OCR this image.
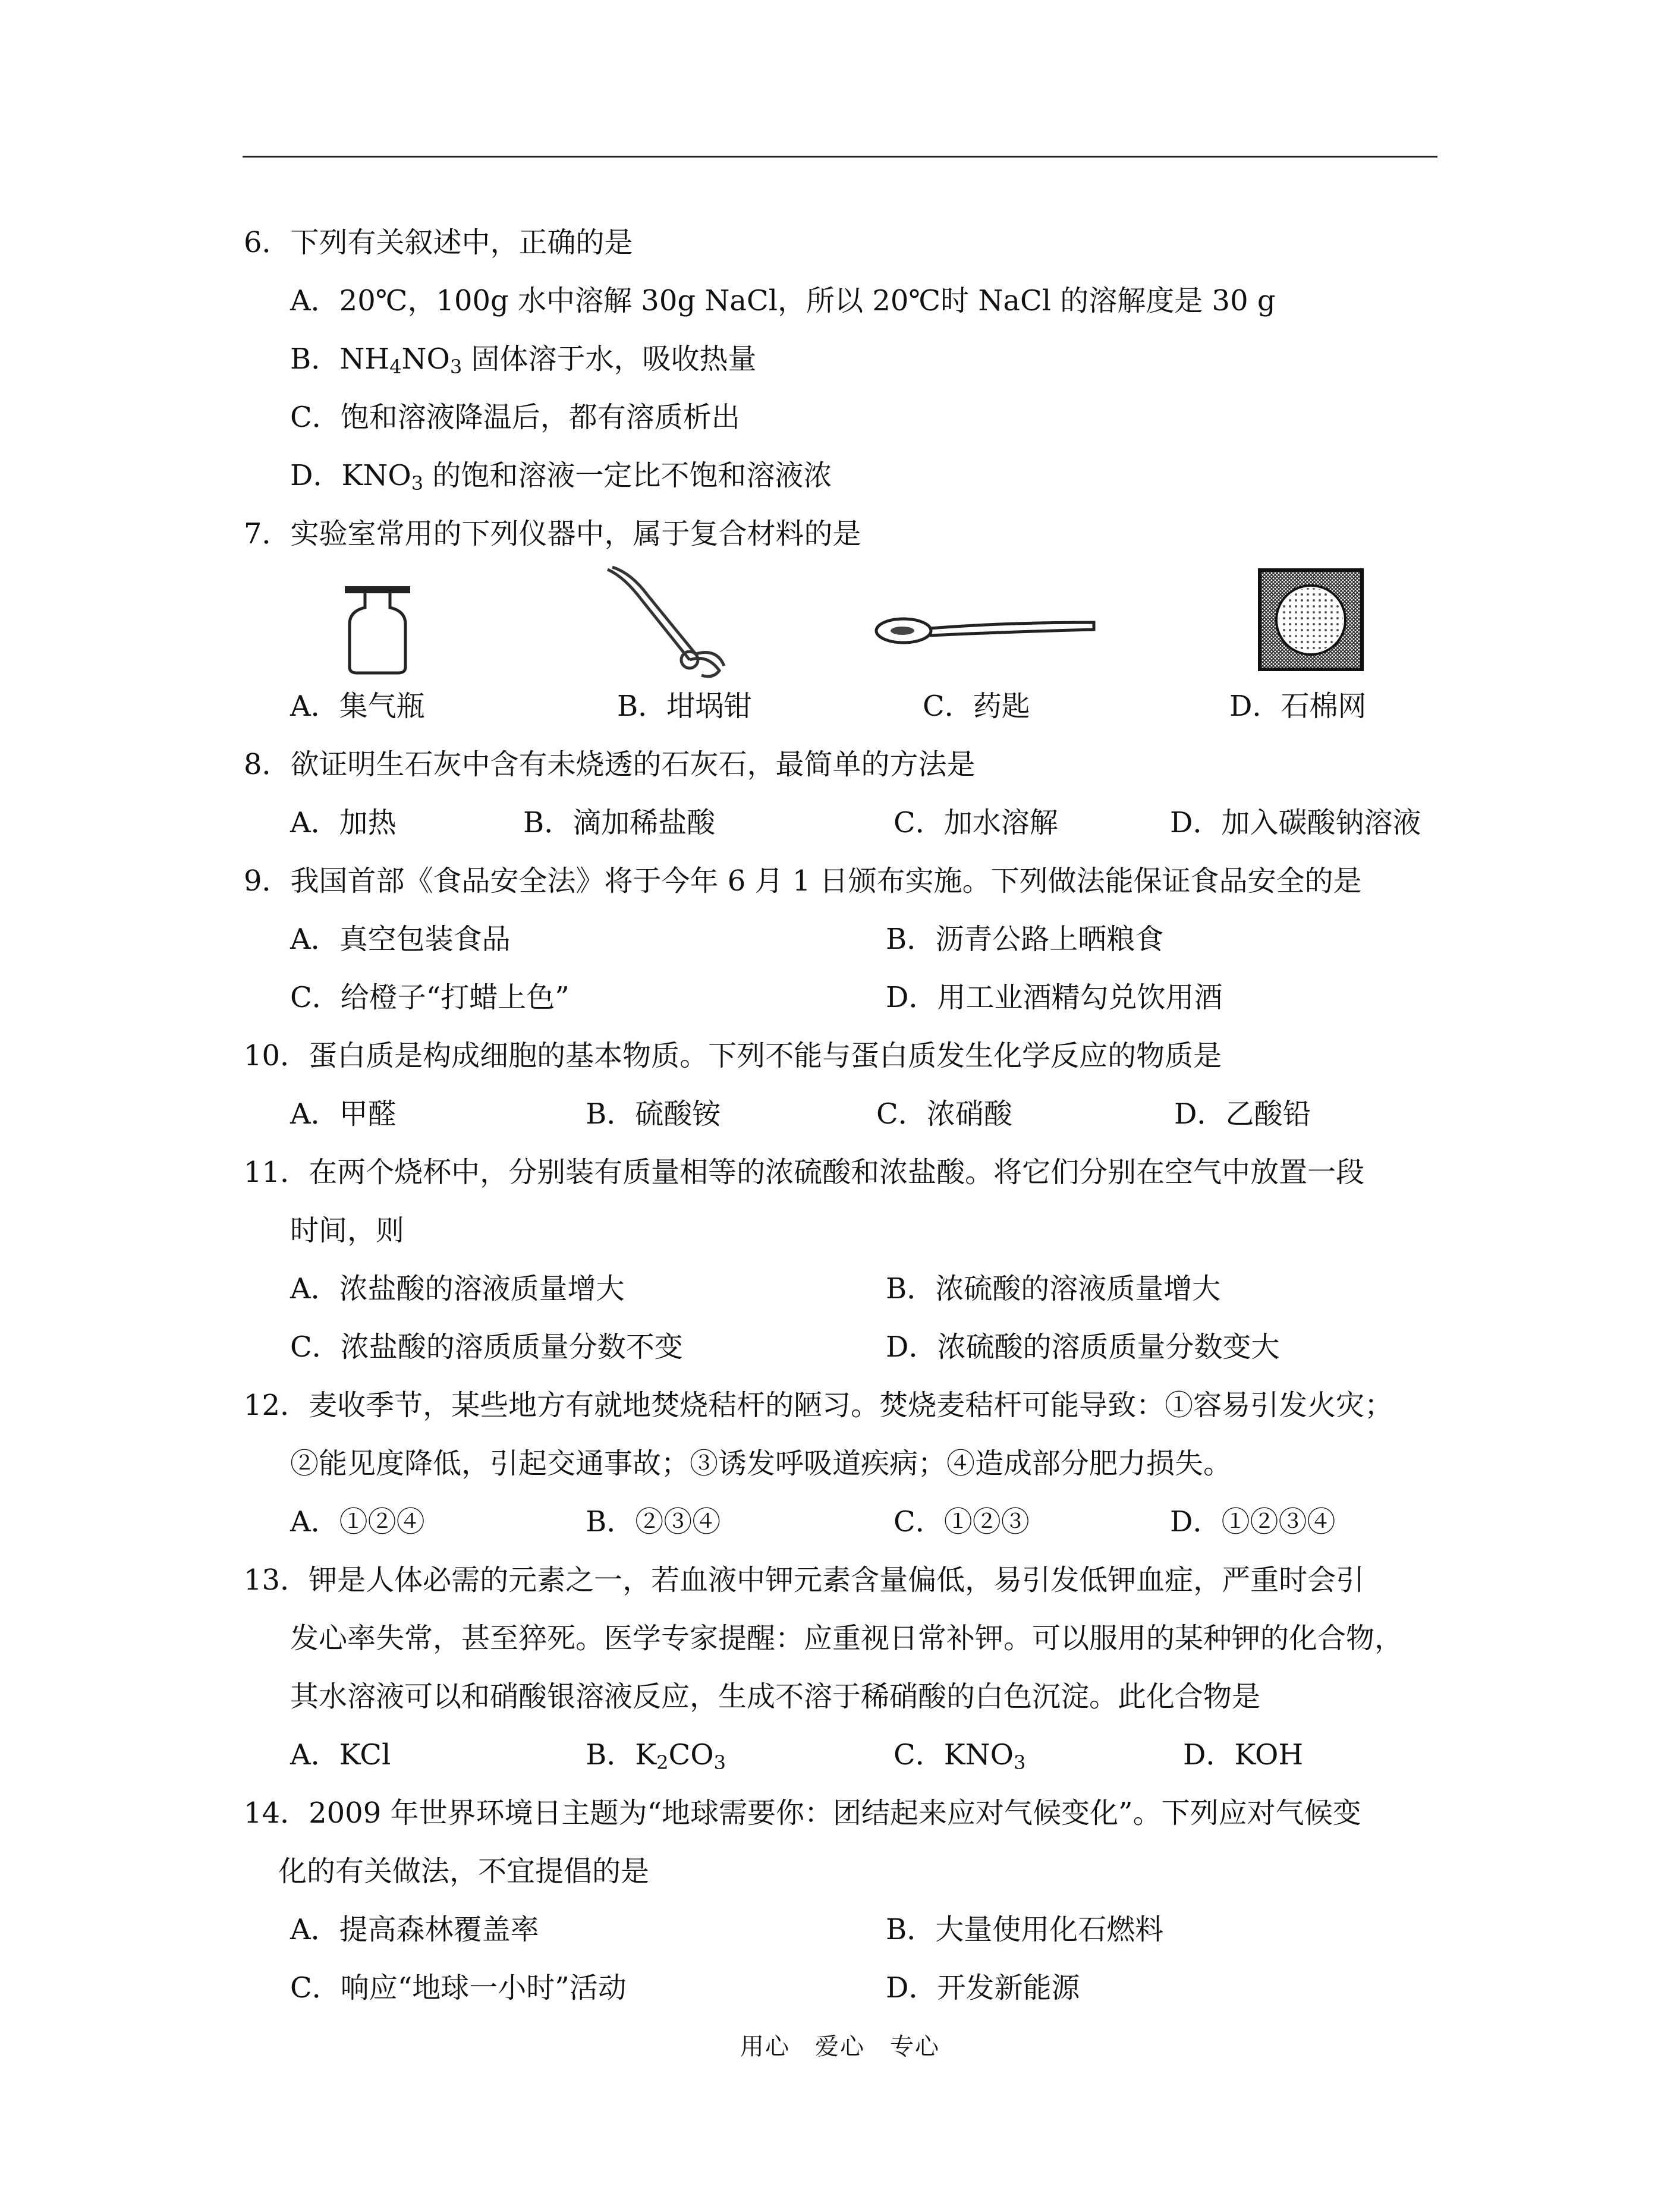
6．下列有关叙述中，正确的是
A．20℃，100g 水中溶解 30g NaCl，所以 20℃时 NaCl 的溶解度是 30 g
B．$NH_4NO_3$ 固体溶于水，吸收热量
C．饱和溶液降温后，都有溶质析出
D．$KNO_3$ 的饱和溶液一定比不饱和溶液浓
7．实验室常用的下列仪器中，属于复合材料的是
A．集气瓶	B．坩埚钳	C．药匙	D．石棉网
8．欲证明生石灰中含有未烧透的石灰石，最简单的方法是
A．加热	B．滴加稀盐酸	C．加水溶解	D．加入碳酸钠溶液
9．我国首部《食品安全法》将于今年 6 月 1 日颁布实施。下列做法能保证食品安全的是
A．真空包装食品	B．沥青公路上晒粮食
C．给橙子“打蜡上色”	D．用工业酒精勾兑饮用酒
10．蛋白质是构成细胞的基本物质。下列不能与蛋白质发生化学反应的物质是
A．甲醛	B．硫酸铵	C．浓硝酸	D．乙酸铅
11．在两个烧杯中，分别装有质量相等的浓硫酸和浓盐酸。将它们分别在空气中放置一段
时间，则
A．浓盐酸的溶液质量增大	B．浓硫酸的溶液质量增大
C．浓盐酸的溶质质量分数不变	D．浓硫酸的溶质质量分数变大
12．麦收季节，某些地方有就地焚烧秸杆的陋习。焚烧麦秸杆可能导致：①容易引发火灾；
②能见度降低，引起交通事故；③诱发呼吸道疾病；④造成部分肥力损失。
A．①②④	B．②③④	C．①②③	D．①②③④
13．钾是人体必需的元素之一，若血液中钾元素含量偏低，易引发低钾血症，严重时会引
发心率失常，甚至猝死。医学专家提醒：应重视日常补钾。可以服用的某种钾的化合物，
其水溶液可以和硝酸银溶液反应，生成不溶于稀硝酸的白色沉淀。此化合物是
A．KCl	B．$K_2CO_3$	C．$KNO_3$	D．KOH
14．2009 年世界环境日主题为“地球需要你：团结起来应对气候变化”。下列应对气候变
化的有关做法，不宜提倡的是
A．提高森林覆盖率	B．大量使用化石燃料
C．响应“地球一小时”活动	D．开发新能源
用心　爱心　专心
